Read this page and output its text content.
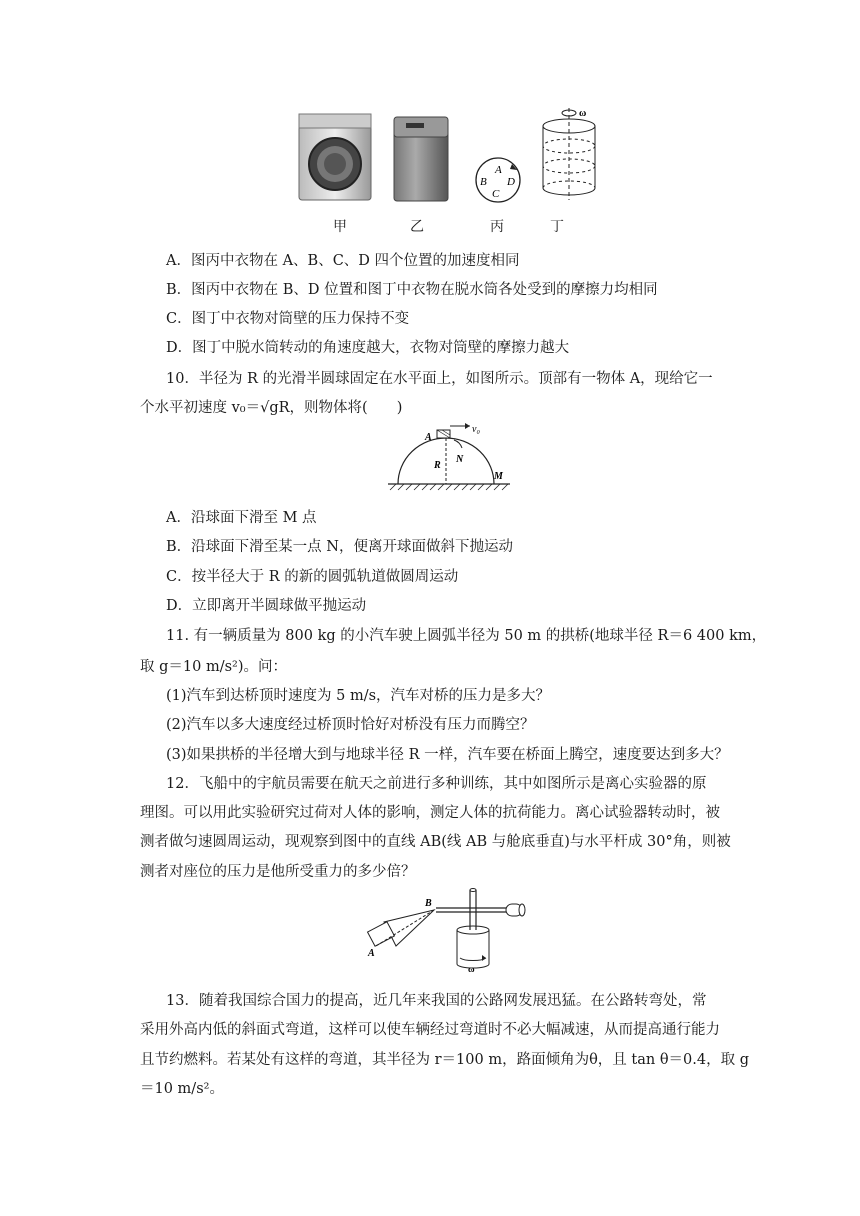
A
B
C
D
ω
甲	乙	丙	丁
A．图丙中衣物在 A、B、C、D 四个位置的加速度相同
B．图丙中衣物在 B、D 位置和图丁中衣物在脱水筒各处受到的摩擦力均相同
C．图丁中衣物对筒壁的压力保持不变
D．图丁中脱水筒转动的角速度越大，衣物对筒壁的摩擦力越大
10．半径为 R 的光滑半圆球固定在水平面上，如图所示。顶部有一物体 A，现给它一
个水平初速度 v₀＝√gR，则物体将(　　)
A
v₀
N
R
M
A．沿球面下滑至 M 点
B．沿球面下滑至某一点 N，便离开球面做斜下抛运动
C．按半径大于 R 的新的圆弧轨道做圆周运动
D．立即离开半圆球做平抛运动
11. 有一辆质量为 800 kg 的小汽车驶上圆弧半径为 50 m 的拱桥(地球半径 R＝6 400 km，
取 g＝10 m/s²)。问：
(1)汽车到达桥顶时速度为 5 m/s，汽车对桥的压力是多大？
(2)汽车以多大速度经过桥顶时恰好对桥没有压力而腾空？
(3)如果拱桥的半径增大到与地球半径 R 一样，汽车要在桥面上腾空，速度要达到多大？
12．飞船中的宇航员需要在航天之前进行多种训练，其中如图所示是离心实验器的原
理图。可以用此实验研究过荷对人体的影响，测定人体的抗荷能力。离心试验器转动时，被
测者做匀速圆周运动，现观察到图中的直线 AB(线 AB 与舱底垂直)与水平杆成 30°角，则被
测者对座位的压力是他所受重力的多少倍？
B
A
ω
13．随着我国综合国力的提高，近几年来我国的公路网发展迅猛。在公路转弯处，常
采用外高内低的斜面式弯道，这样可以使车辆经过弯道时不必大幅减速，从而提高通行能力
且节约燃料。若某处有这样的弯道，其半径为 r＝100 m，路面倾角为θ，且 tan θ＝0.4，取 g
＝10 m/s²。
